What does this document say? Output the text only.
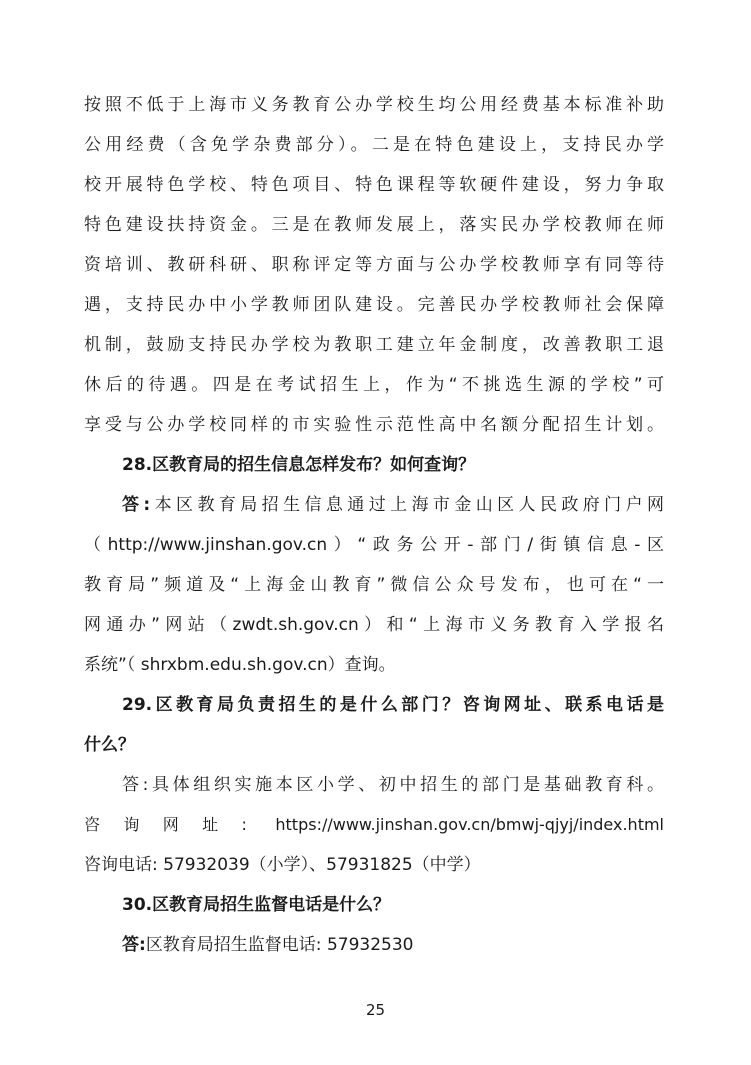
按照不低于上海市义务教育公办学校生均公用经费基本标准补助
公用经费（含免学杂费部分）。二是在特色建设上，支持民办学
校开展特色学校、特色项目、特色课程等软硬件建设，努力争取
特色建设扶持资金。三是在教师发展上，落实民办学校教师在师
资培训、教研科研、职称评定等方面与公办学校教师享有同等待
遇，支持民办中小学教师团队建设。完善民办学校教师社会保障
机制，鼓励支持民办学校为教职工建立年金制度，改善教职工退
休后的待遇。四是在考试招生上，作为“不挑选生源的学校”可
享受与公办学校同样的市实验性示范性高中名额分配招生计划。
28.区教育局的招生信息怎样发布？如何查询？
答:本区教育局招生信息通过上海市金山区人民政府门户网
（http://www.jinshan.gov.cn）“政务公开-部门/街镇信息-区
教育局”频道及“上海金山教育”微信公众号发布，也可在“一
网通办”网站（zwdt.sh.gov.cn）和“上海市义务教育入学报名
系统”（ shrxbm.edu.sh.gov.cn）查询。
29.区教育局负责招生的是什么部门？咨询网址、联系电话是
什么？
答:具体组织实施本区小学、初中招生的部门是基础教育科。
咨询网址: https://www.jinshan.gov.cn/bmwj-qjyj/index.html
咨询电话: 57932039（小学）、57931825（中学）
30.区教育局招生监督电话是什么？
答:区教育局招生监督电话: 57932530
25
